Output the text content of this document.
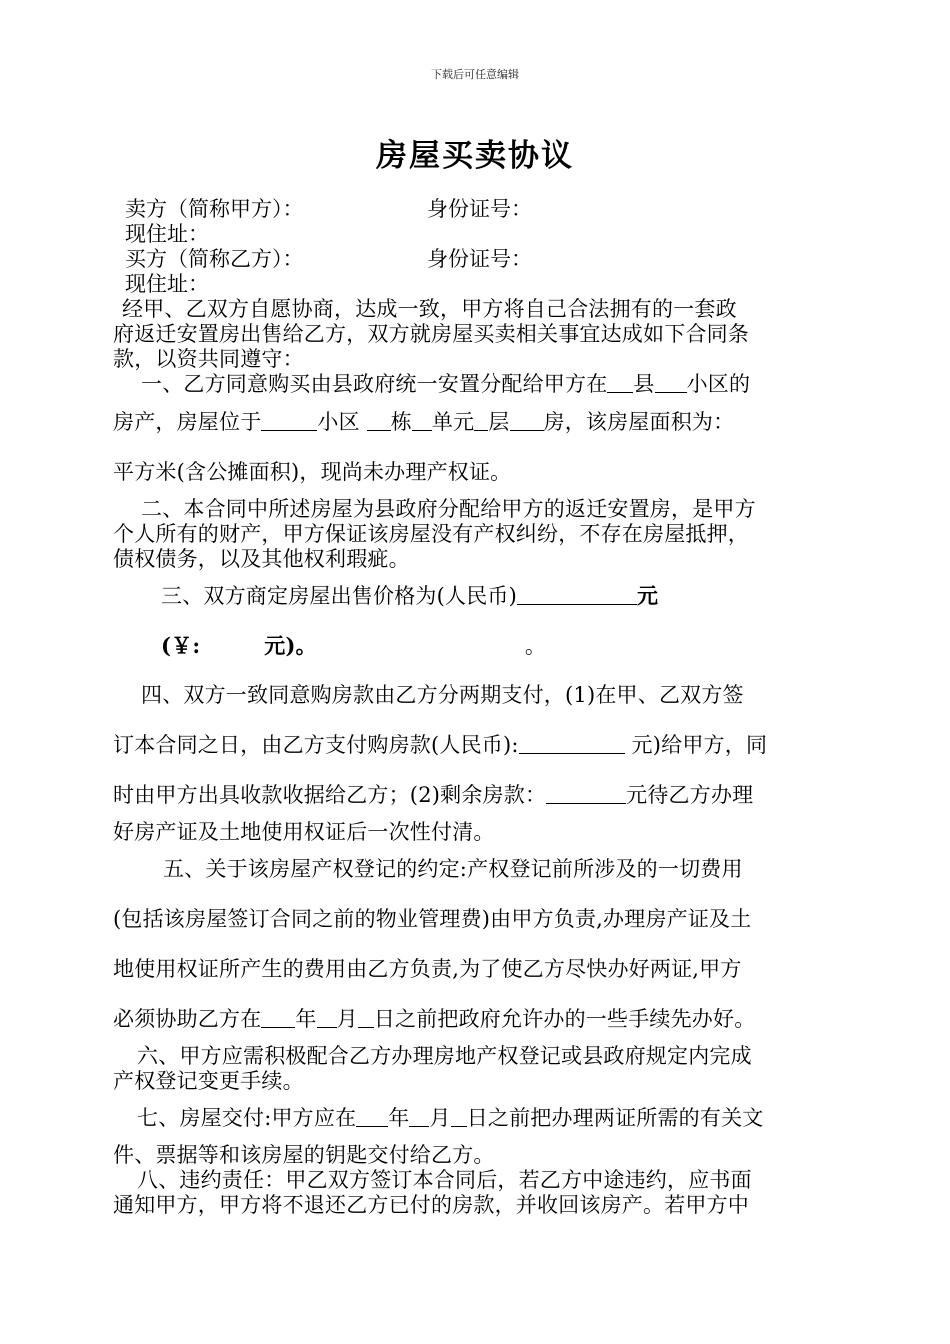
下载后可任意编辑
房屋买卖协议
卖方（简称甲方）：	身份证号：
现住址：
买方（简称乙方）：	身份证号：
现住址：
经甲、乙双方自愿协商，达成一致，甲方将自己合法拥有的一套政
府返迁安置房出售给乙方，双方就房屋买卖相关事宜达成如下合同条
款，以资共同遵守：
一、乙方同意购买由县政府统一安置分配给甲方在 县 小区的
房产，房屋位于	小区 栋 单元 层 房，该房屋面积为：
平方米(含公摊面积)，现尚未办理产权证。
二、本合同中所述房屋为县政府分配给甲方的返迁安置房，是甲方
个人所有的财产，甲方保证该房屋没有产权纠纷，不存在房屋抵押，
债权债务，以及其他权利瑕疵。
三、双方商定房屋出售价格为(人民币)	元
(￥:	元)。	。
四、双方一致同意购房款由乙方分两期支付，(1)在甲、乙双方签
订本合同之日，由乙方支付购房款(人民币):	元)给甲方，同
时由甲方出具收款收据给乙方；(2)剩余房款：	元待乙方办理
好房产证及土地使用权证后一次性付清。
五、关于该房屋产权登记的约定:产权登记前所涉及的一切费用
(包括该房屋签订合同之前的物业管理费)由甲方负责,办理房产证及土
地使用权证所产生的费用由乙方负责,为了使乙方尽快办好两证,甲方
必须协助乙方在 年 月 日之前把政府允许办的一些手续先办好。
六、甲方应需积极配合乙方办理房地产权登记或县政府规定内完成
产权登记变更手续。
七、房屋交付:甲方应在 年 月 日之前把办理两证所需的有关文
件、票据等和该房屋的钥匙交付给乙方。
八、违约责任：甲乙双方签订本合同后，若乙方中途违约，应书面
通知甲方，甲方将不退还乙方已付的房款，并收回该房产。若甲方中
